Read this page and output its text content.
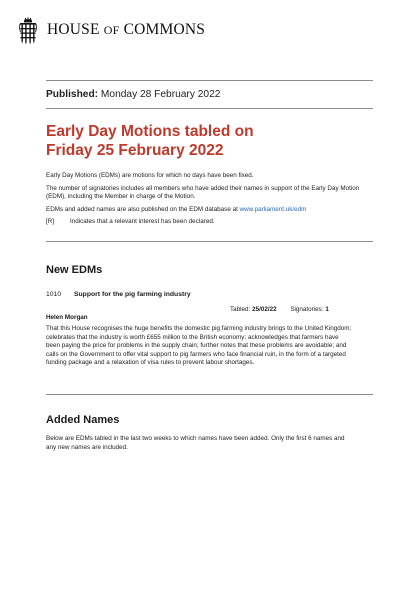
HOUSE OF COMMONS
Published: Monday 28 February 2022
Early Day Motions tabled on
Friday 25 February 2022

Early Day Motions (EDMs) are motions for which no days have been fixed.

The number of signatories includes all members who have added their names in support of the Early Day Motion (EDM), including the Member in charge of the Motion.

EDMs and added names are also published on the EDM database at www.parliament.uk/edm

[R]	Indicates that a relevant interest has been declared.

New EDMs
1010 Support for the pig farming industry
Tabled: 25/02/22 Signatories: 1
Helen Morgan

That this House recognises the huge benefits the domestic pig farming industry brings to the United Kingdom; celebrates that the industry is worth £655 million to the British economy; acknowledges that farmers have been paying the price for problems in the supply chain; further notes that these problems are avoidable; and calls on the Government to offer vital support to pig farmers who face financial ruin, in the form of a targeted funding package and a relaxation of visa rules to prevent labour shortages.

Added Names

Below are EDMs tabled in the last two weeks to which names have been added. Only the first 6 names and any new names are included.
